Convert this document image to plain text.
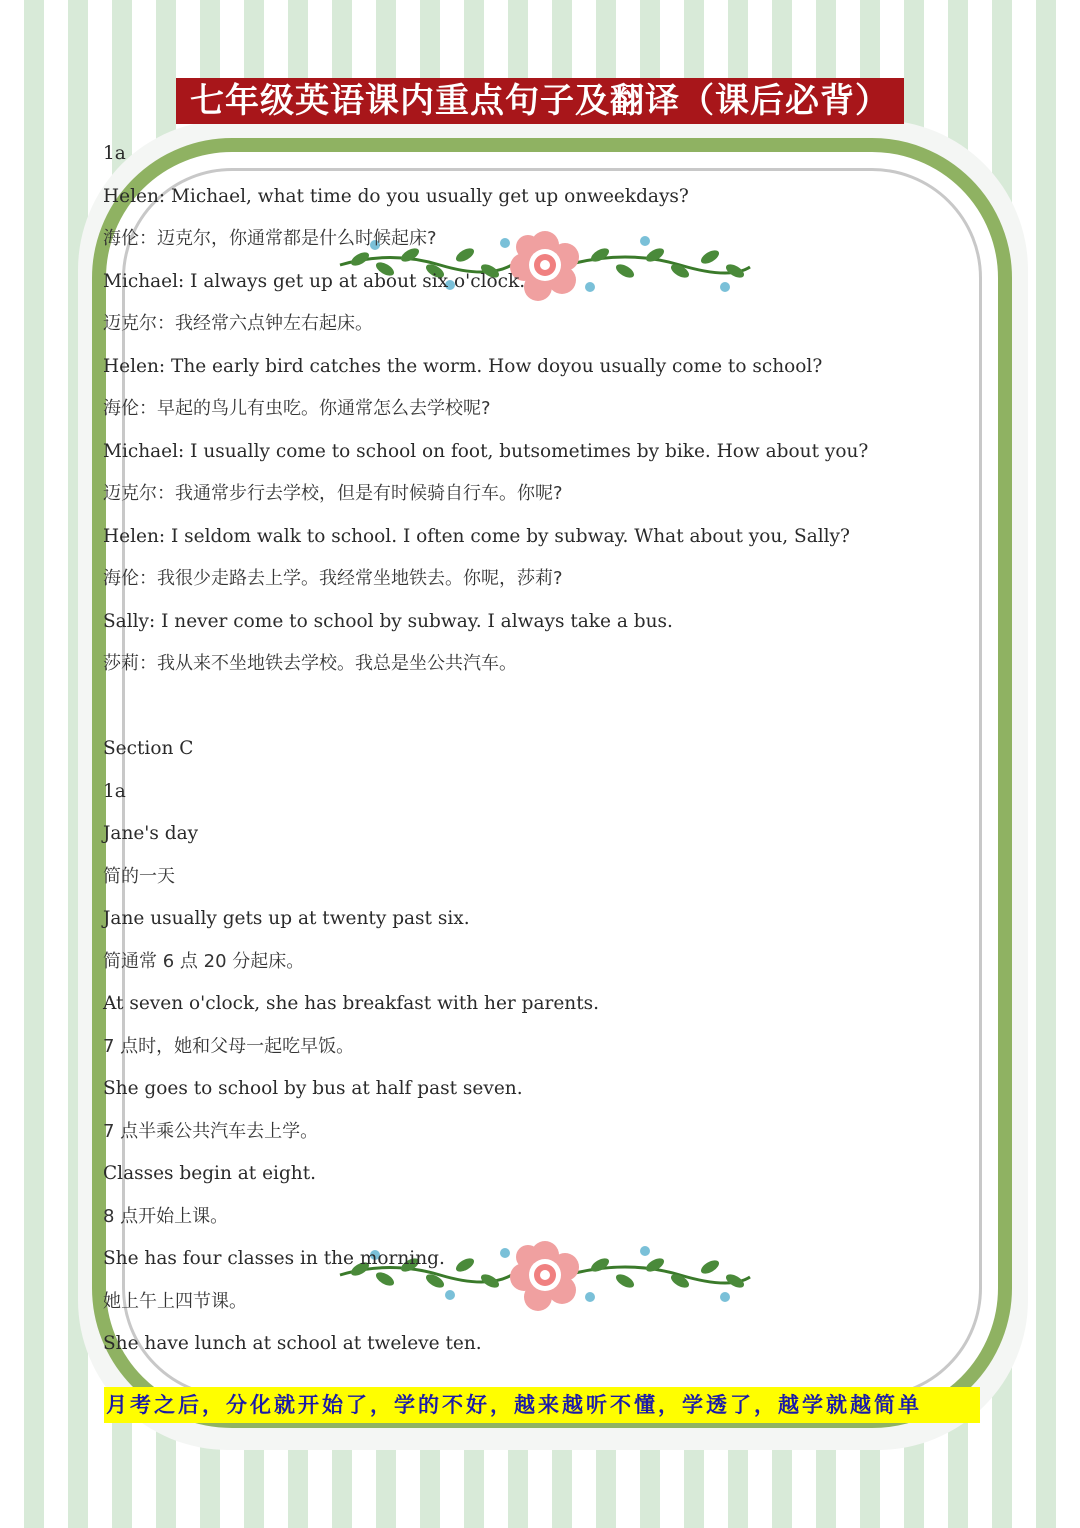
七年级英语课内重点句子及翻译（课后必背）
1a
Helen: Michael, what time do you usually get up onweekdays?
海伦：迈克尔，你通常都是什么时候起床?
Michael: I always get up at about six o'clock.
迈克尔：我经常六点钟左右起床。
Helen: The early bird catches the worm. How doyou usually come to school?
海伦：早起的鸟儿有虫吃。你通常怎么去学校呢?
Michael: I usually come to school on foot, butsometimes by bike. How about you?
迈克尔：我通常步行去学校，但是有时候骑自行车。你呢?
Helen: I seldom walk to school. I often come by subway. What about you, Sally?
海伦：我很少走路去上学。我经常坐地铁去。你呢，莎莉?
Sally: I never come to school by subway. I always take a bus.
莎莉：我从来不坐地铁去学校。我总是坐公共汽车。
Section C
1a
Jane's day
简的一天
Jane usually gets up at twenty past six.
简通常 6 点 20 分起床。
At seven o'clock, she has breakfast with her parents.
7 点时，她和父母一起吃早饭。
She goes to school by bus at half past seven.
7 点半乘公共汽车去上学。
Classes begin at eight.
8 点开始上课。
She has four classes in the morning.
她上午上四节课。
She have lunch at school at tweleve ten.
月考之后，分化就开始了，学的不好，越来越听不懂，学透了，越学就越简单
